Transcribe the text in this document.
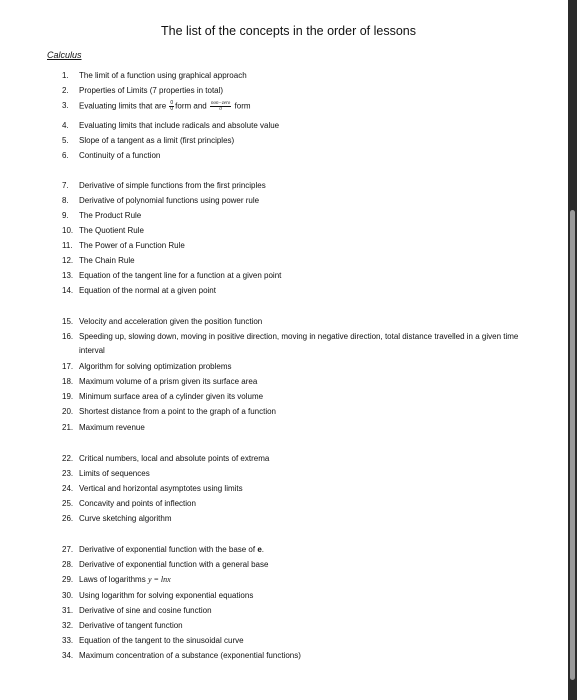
The list of the concepts in the order of lessons
Calculus
1. The limit of a function using graphical approach
2. Properties of Limits (7 properties in total)
3. Evaluating limits that are $\frac{0}{0}$ form and $\frac{\text{non−zero}}{0}$ form
4. Evaluating limits that include radicals and absolute value
5. Slope of a tangent as a limit (first principles)
6. Continuity of a function
7. Derivative of simple functions from the first principles
8. Derivative of polynomial functions using power rule
9. The Product Rule
10. The Quotient Rule
11. The Power of a Function Rule
12. The Chain Rule
13. Equation of the tangent line for a function at a given point
14. Equation of the normal at a given point
15. Velocity and acceleration given the position function
16. Speeding up, slowing down, moving in positive direction, moving in negative direction, total distance travelled in a given time interval
17. Algorithm for solving optimization problems
18. Maximum volume of a prism given its surface area
19. Minimum surface area of a cylinder given its volume
20. Shortest distance from a point to the graph of a function
21. Maximum revenue
22. Critical numbers, local and absolute points of extrema
23. Limits of sequences
24. Vertical and horizontal asymptotes using limits
25. Concavity and points of inflection
26. Curve sketching algorithm
27. Derivative of exponential function with the base of e.
28. Derivative of exponential function with a general base
29. Laws of logarithms y = lnx
30. Using logarithm for solving exponential equations
31. Derivative of sine and cosine function
32. Derivative of tangent function
33. Equation of the tangent to the sinusoidal curve
34. Maximum concentration of a substance (exponential functions)
